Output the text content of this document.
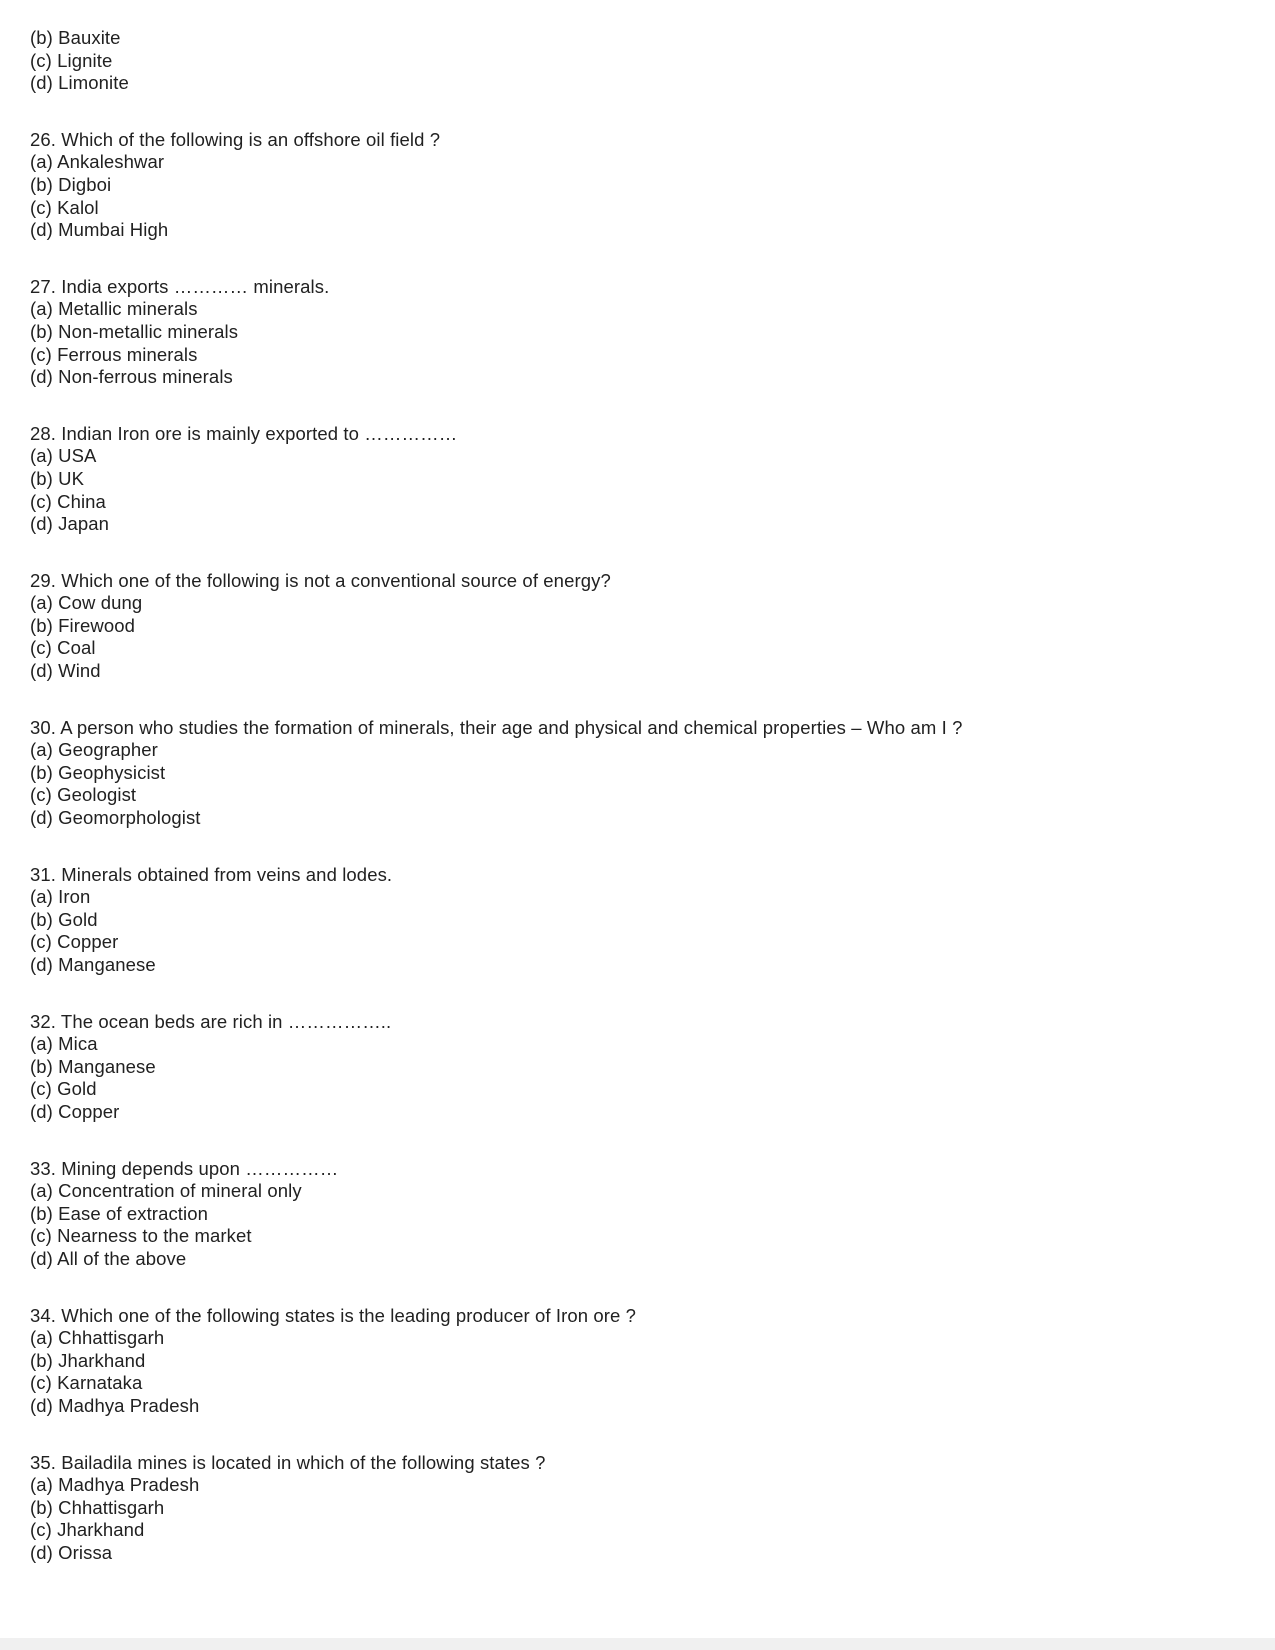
(b) Bauxite
(c) Lignite
(d) Limonite
26. Which of the following is an offshore oil field ?
(a) Ankaleshwar
(b) Digboi
(c) Kalol
(d) Mumbai High
27. India exports ………… minerals.
(a) Metallic minerals
(b) Non-metallic minerals
(c) Ferrous minerals
(d) Non-ferrous minerals
28. Indian Iron ore is mainly exported to ……………
(a) USA
(b) UK
(c) China
(d) Japan
29. Which one of the following is not a conventional source of energy?
(a) Cow dung
(b) Firewood
(c) Coal
(d) Wind
30. A person who studies the formation of minerals, their age and physical and chemical properties – Who am I ?
(a) Geographer
(b) Geophysicist
(c) Geologist
(d) Geomorphologist
31. Minerals obtained from veins and lodes.
(a) Iron
(b) Gold
(c) Copper
(d) Manganese
32. The ocean beds are rich in ……………..
(a) Mica
(b) Manganese
(c) Gold
(d) Copper
33. Mining depends upon ……………
(a) Concentration of mineral only
(b) Ease of extraction
(c) Nearness to the market
(d) All of the above
34. Which one of the following states is the leading producer of Iron ore ?
(a) Chhattisgarh
(b) Jharkhand
(c) Karnataka
(d) Madhya Pradesh
35. Bailadila mines is located in which of the following states ?
(a) Madhya Pradesh
(b) Chhattisgarh
(c) Jharkhand
(d) Orissa
